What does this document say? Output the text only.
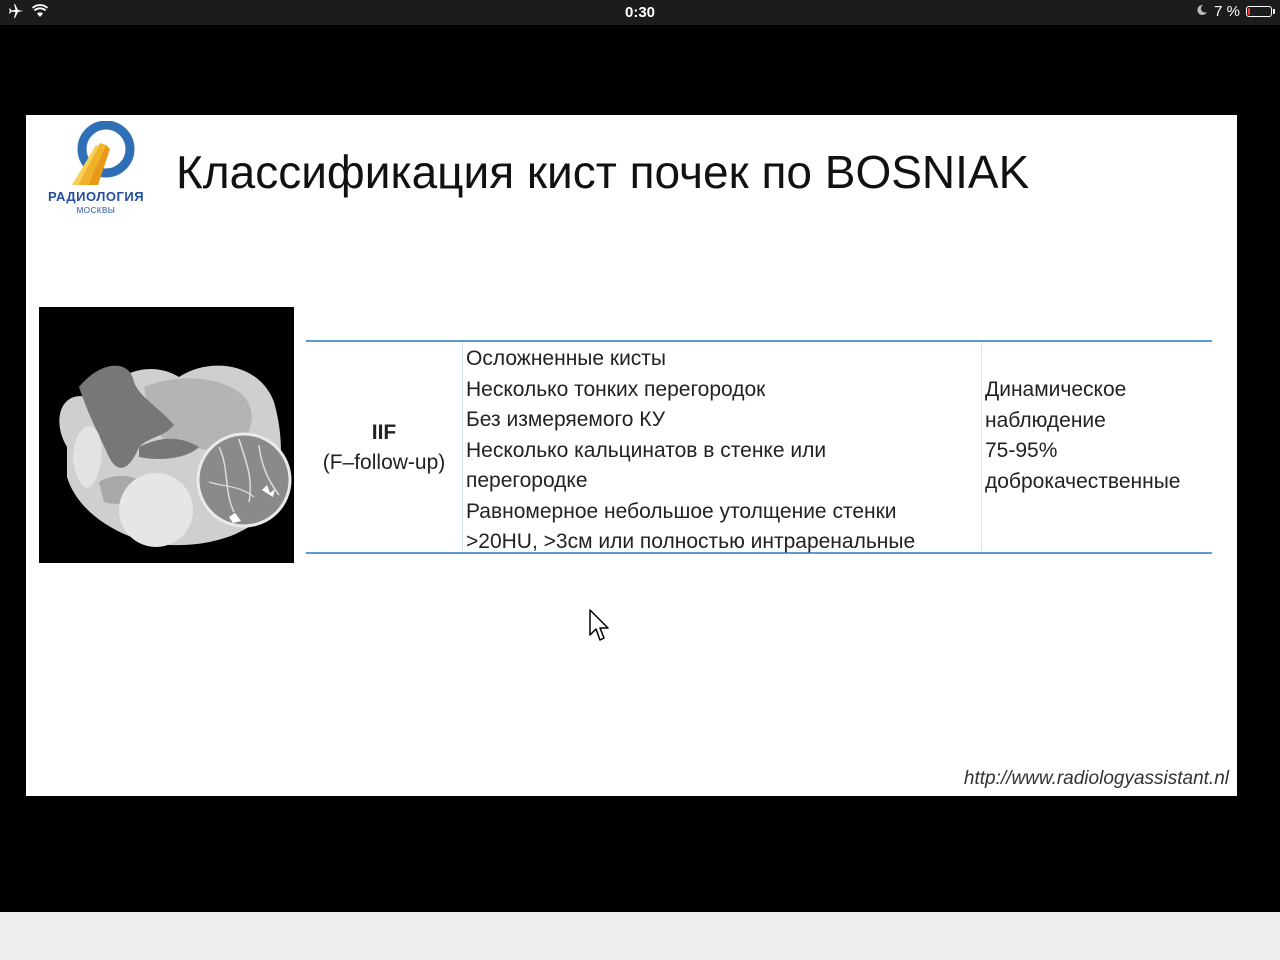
0:30	7 %
РАДИОЛОГИЯ
МОСКВЫ
Классификация кист почек по BOSNIAK
IIF
(F–follow-up)
Осложненные кисты
Несколько тонких перегородок
Без измеряемого КУ
Несколько кальцинатов в стенке или
перегородке
Равномерное небольшое утолщение стенки
>20HU, >3см или полностью интраренальные
Динамическое
наблюдение
75-95%
доброкачественные
http://www.radiologyassistant.nl
